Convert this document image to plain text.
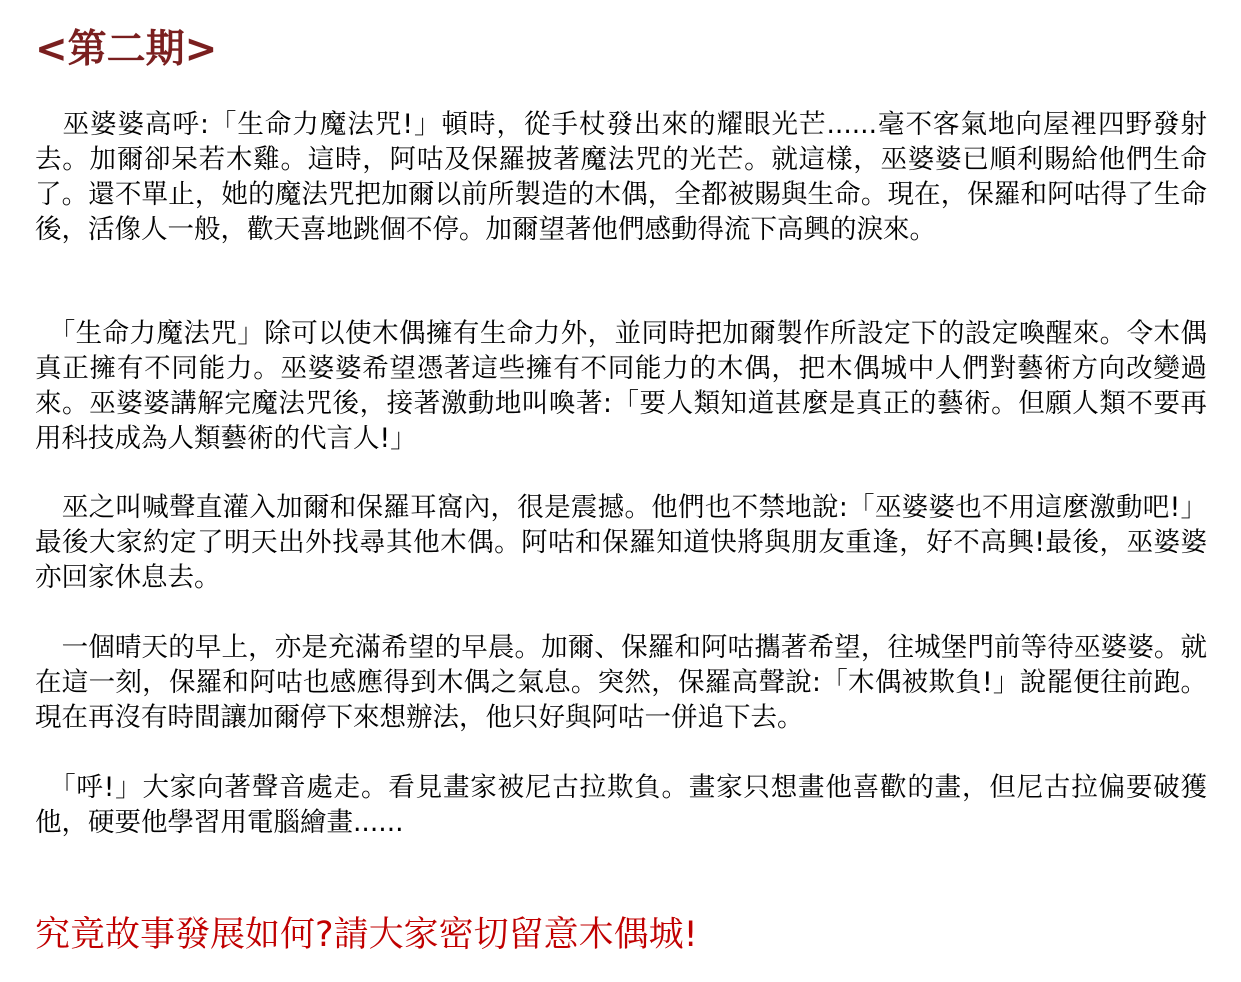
<第二期>

　巫婆婆高呼:「生命力魔法咒!」頓時，從手杖發出來的耀眼光芒......毫不客氣地向屋裡四野發射去。加爾卻呆若木雞。這時，阿咕及保羅披著魔法咒的光芒。就這樣，巫婆婆已順利賜給他們生命了。還不單止，她的魔法咒把加爾以前所製造的木偶，全都被賜與生命。現在，保羅和阿咕得了生命後，活像人一般，歡天喜地跳個不停。加爾望著他們感動得流下高興的淚來。

　「生命力魔法咒」除可以使木偶擁有生命力外，並同時把加爾製作所設定下的設定喚醒來。令木偶真正擁有不同能力。巫婆婆希望憑著這些擁有不同能力的木偶，把木偶城中人們對藝術方向改變過來。巫婆婆講解完魔法咒後，接著激動地叫喚著:「要人類知道甚麼是真正的藝術。但願人類不要再用科技成為人類藝術的代言人!」

　巫之叫喊聲直灌入加爾和保羅耳窩內，很是震撼。他們也不禁地說:「巫婆婆也不用這麼激動吧!」最後大家約定了明天出外找尋其他木偶。阿咕和保羅知道快將與朋友重逢，好不高興!最後，巫婆婆亦回家休息去。

　一個晴天的早上，亦是充滿希望的早晨。加爾、保羅和阿咕攜著希望，往城堡門前等待巫婆婆。就在這一刻，保羅和阿咕也感應得到木偶之氣息。突然，保羅高聲說:「木偶被欺負!」說罷便往前跑。現在再沒有時間讓加爾停下來想辦法，他只好與阿咕一併追下去。

　「呼!」大家向著聲音處走。看見畫家被尼古拉欺負。畫家只想畫他喜歡的畫，但尼古拉偏要破獲他，硬要他學習用電腦繪畫......

究竟故事發展如何?請大家密切留意木偶城!
